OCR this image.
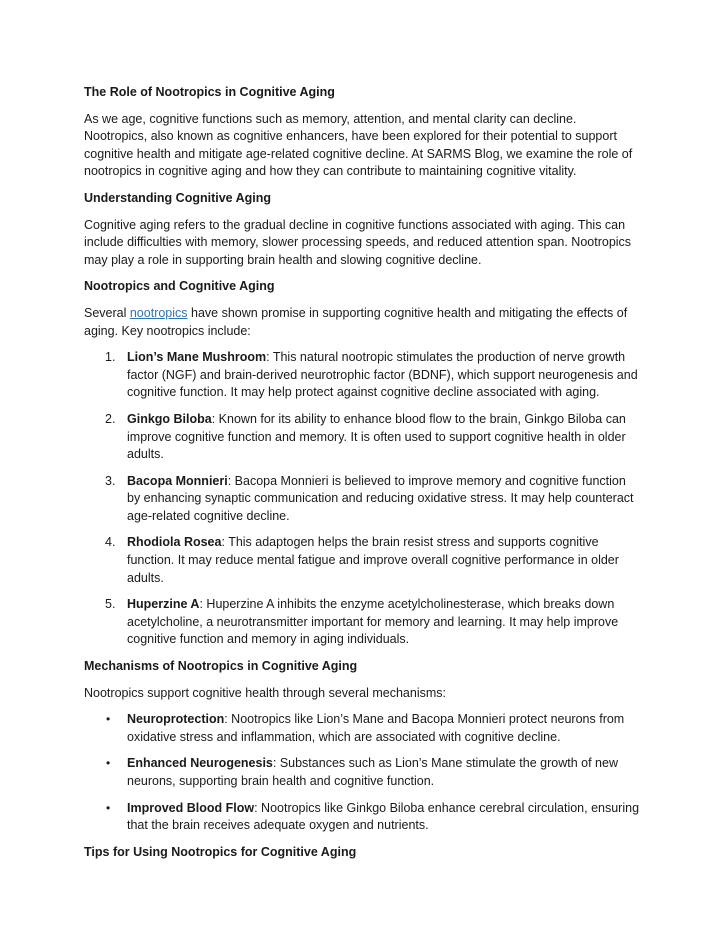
The Role of Nootropics in Cognitive Aging

As we age, cognitive functions such as memory, attention, and mental clarity can decline. Nootropics, also known as cognitive enhancers, have been explored for their potential to support cognitive health and mitigate age-related cognitive decline. At SARMS Blog, we examine the role of nootropics in cognitive aging and how they can contribute to maintaining cognitive vitality.

Understanding Cognitive Aging

Cognitive aging refers to the gradual decline in cognitive functions associated with aging. This can include difficulties with memory, slower processing speeds, and reduced attention span. Nootropics may play a role in supporting brain health and slowing cognitive decline.

Nootropics and Cognitive Aging

Several nootropics have shown promise in supporting cognitive health and mitigating the effects of aging. Key nootropics include:

1. Lion’s Mane Mushroom: This natural nootropic stimulates the production of nerve growth factor (NGF) and brain-derived neurotrophic factor (BDNF), which support neurogenesis and cognitive function. It may help protect against cognitive decline associated with aging.
2. Ginkgo Biloba: Known for its ability to enhance blood flow to the brain, Ginkgo Biloba can improve cognitive function and memory. It is often used to support cognitive health in older adults.
3. Bacopa Monnieri: Bacopa Monnieri is believed to improve memory and cognitive function by enhancing synaptic communication and reducing oxidative stress. It may help counteract age-related cognitive decline.
4. Rhodiola Rosea: This adaptogen helps the brain resist stress and supports cognitive function. It may reduce mental fatigue and improve overall cognitive performance in older adults.
5. Huperzine A: Huperzine A inhibits the enzyme acetylcholinesterase, which breaks down acetylcholine, a neurotransmitter important for memory and learning. It may help improve cognitive function and memory in aging individuals.
Mechanisms of Nootropics in Cognitive Aging

Nootropics support cognitive health through several mechanisms:

•	Neuroprotection: Nootropics like Lion’s Mane and Bacopa Monnieri protect neurons from oxidative stress and inflammation, which are associated with cognitive decline.
•	Enhanced Neurogenesis: Substances such as Lion’s Mane stimulate the growth of new neurons, supporting brain health and cognitive function.
•	Improved Blood Flow: Nootropics like Ginkgo Biloba enhance cerebral circulation, ensuring that the brain receives adequate oxygen and nutrients.
Tips for Using Nootropics for Cognitive Aging
